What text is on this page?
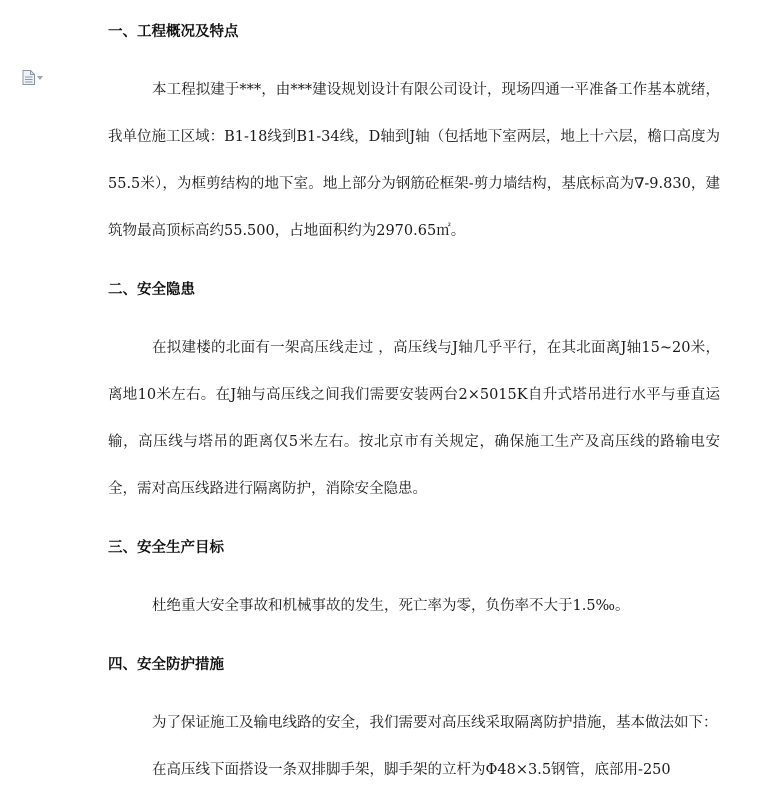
一、工程概况及特点

本工程拟建于***，由***建设规划设计有限公司设计，现场四通一平准备工作基本就绪，我单位施工区域：B1-18线到B1-34线，D轴到J轴（包括地下室两层，地上十六层，檐口高度为55.5米），为框剪结构的地下室。地上部分为钢筋砼框架-剪力墙结构，基底标高为∇-9.830，建筑物最高顶标高约55.500，占地面积约为2970.65㎡。

二、安全隐患

在拟建楼的北面有一架高压线走过 ，高压线与J轴几乎平行，在其北面离J轴15~20米，离地10米左右。在J轴与高压线之间我们需要安装两台2×5015K自升式塔吊进行水平与垂直运输，高压线与塔吊的距离仅5米左右。按北京市有关规定，确保施工生产及高压线的路输电安全，需对高压线路进行隔离防护，消除安全隐患。

三、安全生产目标

杜绝重大安全事故和机械事故的发生，死亡率为零，负伤率不大于1.5‰。

四、安全防护措施

为了保证施工及输电线路的安全，我们需要对高压线采取隔离防护措施，基本做法如下：

在高压线下面搭设一条双排脚手架，脚手架的立杆为Φ48×3.5钢管，底部用-250
